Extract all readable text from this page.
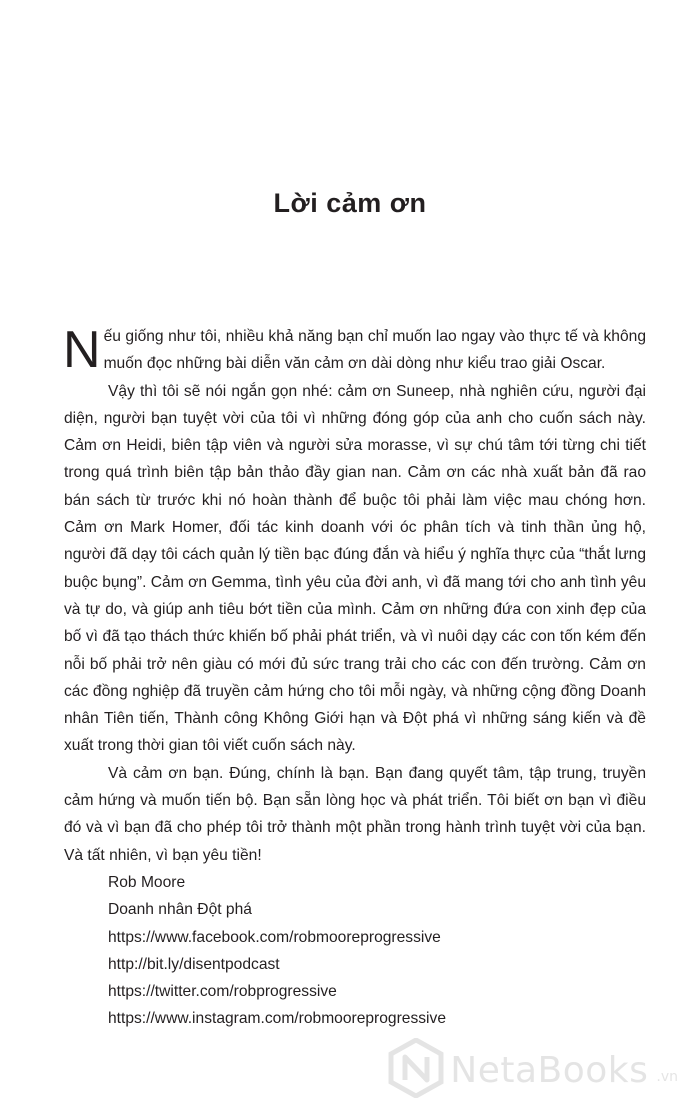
Lời cảm ơn

Nếu giống như tôi, nhiều khả năng bạn chỉ muốn lao ngay vào thực tế và không muốn đọc những bài diễn văn cảm ơn dài dòng như kiểu trao giải Oscar.

Vậy thì tôi sẽ nói ngắn gọn nhé: cảm ơn Suneep, nhà nghiên cứu, người đại diện, người bạn tuyệt vời của tôi vì những đóng góp của anh cho cuốn sách này. Cảm ơn Heidi, biên tập viên và người sửa morasse, vì sự chú tâm tới từng chi tiết trong quá trình biên tập bản thảo đầy gian nan. Cảm ơn các nhà xuất bản đã rao bán sách từ trước khi nó hoàn thành để buộc tôi phải làm việc mau chóng hơn. Cảm ơn Mark Homer, đối tác kinh doanh với óc phân tích và tinh thần ủng hộ, người đã dạy tôi cách quản lý tiền bạc đúng đắn và hiểu ý nghĩa thực của “thắt lưng buộc bụng”. Cảm ơn Gemma, tình yêu của đời anh, vì đã mang tới cho anh tình yêu và tự do, và giúp anh tiêu bớt tiền của mình. Cảm ơn những đứa con xinh đẹp của bố vì đã tạo thách thức khiến bố phải phát triển, và vì nuôi dạy các con tốn kém đến nỗi bố phải trở nên giàu có mới đủ sức trang trải cho các con đến trường. Cảm ơn các đồng nghiệp đã truyền cảm hứng cho tôi mỗi ngày, và những cộng đồng Doanh nhân Tiên tiến, Thành công Không Giới hạn và Đột phá vì những sáng kiến và đề xuất trong thời gian tôi viết cuốn sách này.

Và cảm ơn bạn. Đúng, chính là bạn. Bạn đang quyết tâm, tập trung, truyền cảm hứng và muốn tiến bộ. Bạn sẵn lòng học và phát triển. Tôi biết ơn bạn vì điều đó và vì bạn đã cho phép tôi trở thành một phần trong hành trình tuyệt vời của bạn. Và tất nhiên, vì bạn yêu tiền!

Rob Moore
Doanh nhân Đột phá
https://www.facebook.com/robmooreprogressive
http://bit.ly/disentpodcast
https://twitter.com/robprogressive
https://www.instagram.com/robmooreprogressive
NetaBooks .vn
